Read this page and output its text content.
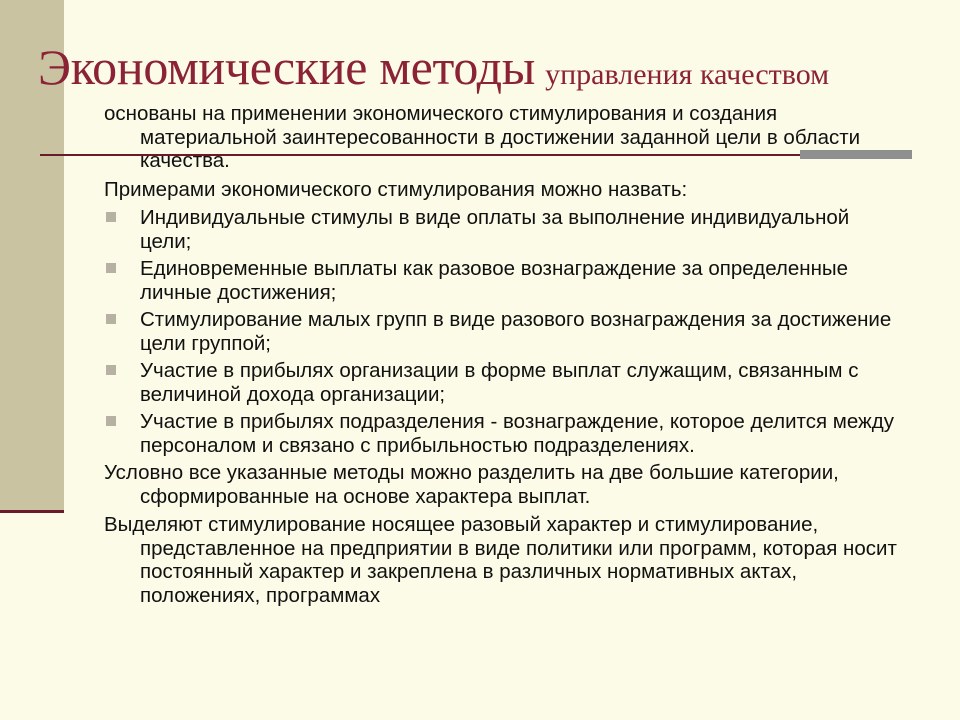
Экономические методы управления качеством

основаны на применении экономического стимулирования и создания материальной заинтересованности в достижении заданной цели в области качества.

Примерами экономического стимулирования можно назвать:

Индивидуальные стимулы в виде оплаты за выполнение индивидуальной цели;
Единовременные выплаты как разовое вознаграждение за определенные личные достижения;
Стимулирование малых групп в виде разового вознаграждения за достижение цели группой;
Участие в прибылях организации в форме выплат служащим, связанным с величиной дохода организации;
Участие в прибылях подразделения - вознаграждение, которое делится между персоналом и связано с прибыльностью подразделениях.

Условно все указанные методы можно разделить на две большие категории, сформированные на основе характера выплат.

Выделяют стимулирование носящее разовый характер и стимулирование, представленное на предприятии в виде политики или программ, которая носит постоянный характер и закреплена в различных нормативных актах, положениях, программах
